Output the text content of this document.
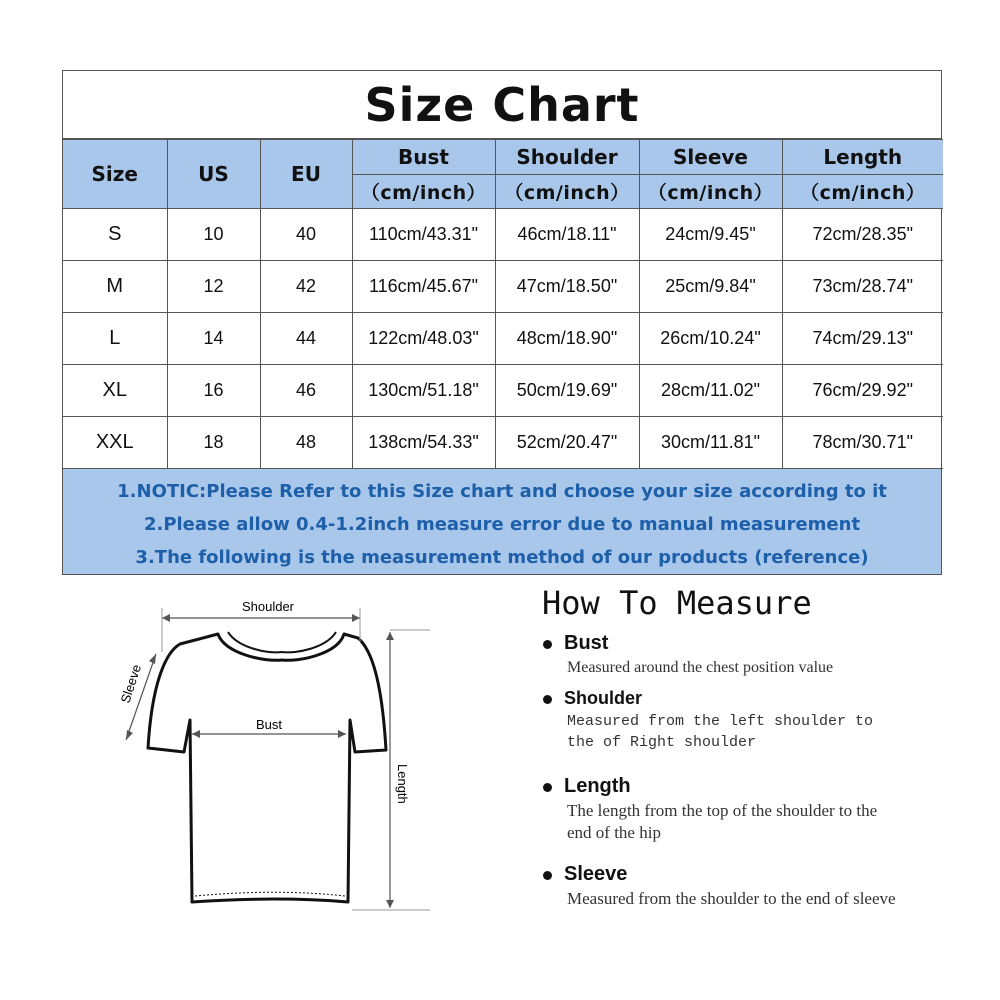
Size Chart
Size	US	EU	Bust	Shoulder	Sleeve	Length
			（cm/inch）	（cm/inch）	（cm/inch）	（cm/inch）
S	10	40	110cm/43.31"	46cm/18.11"	24cm/9.45"	72cm/28.35"
M	12	42	116cm/45.67"	47cm/18.50"	25cm/9.84"	73cm/28.74"
L	14	44	122cm/48.03"	48cm/18.90"	26cm/10.24"	74cm/29.13"
XL	16	46	130cm/51.18"	50cm/19.69"	28cm/11.02"	76cm/29.92"
XXL	18	48	138cm/54.33"	52cm/20.47"	30cm/11.81"	78cm/30.71"
1.NOTIC:Please Refer to this Size chart and choose your size according to it
2.Please allow 0.4-1.2inch measure error due to manual measurement
3.The following is the measurement method of our products (reference)
Shoulder
Sleeve
Bust
Length
How To Measure
Bust
Measured around the chest position value
Shoulder
Measured from the left shoulder to the of Right shoulder
Length
The length from the top of the shoulder to the end of the hip
Sleeve
Measured from the shoulder to the end of sleeve
